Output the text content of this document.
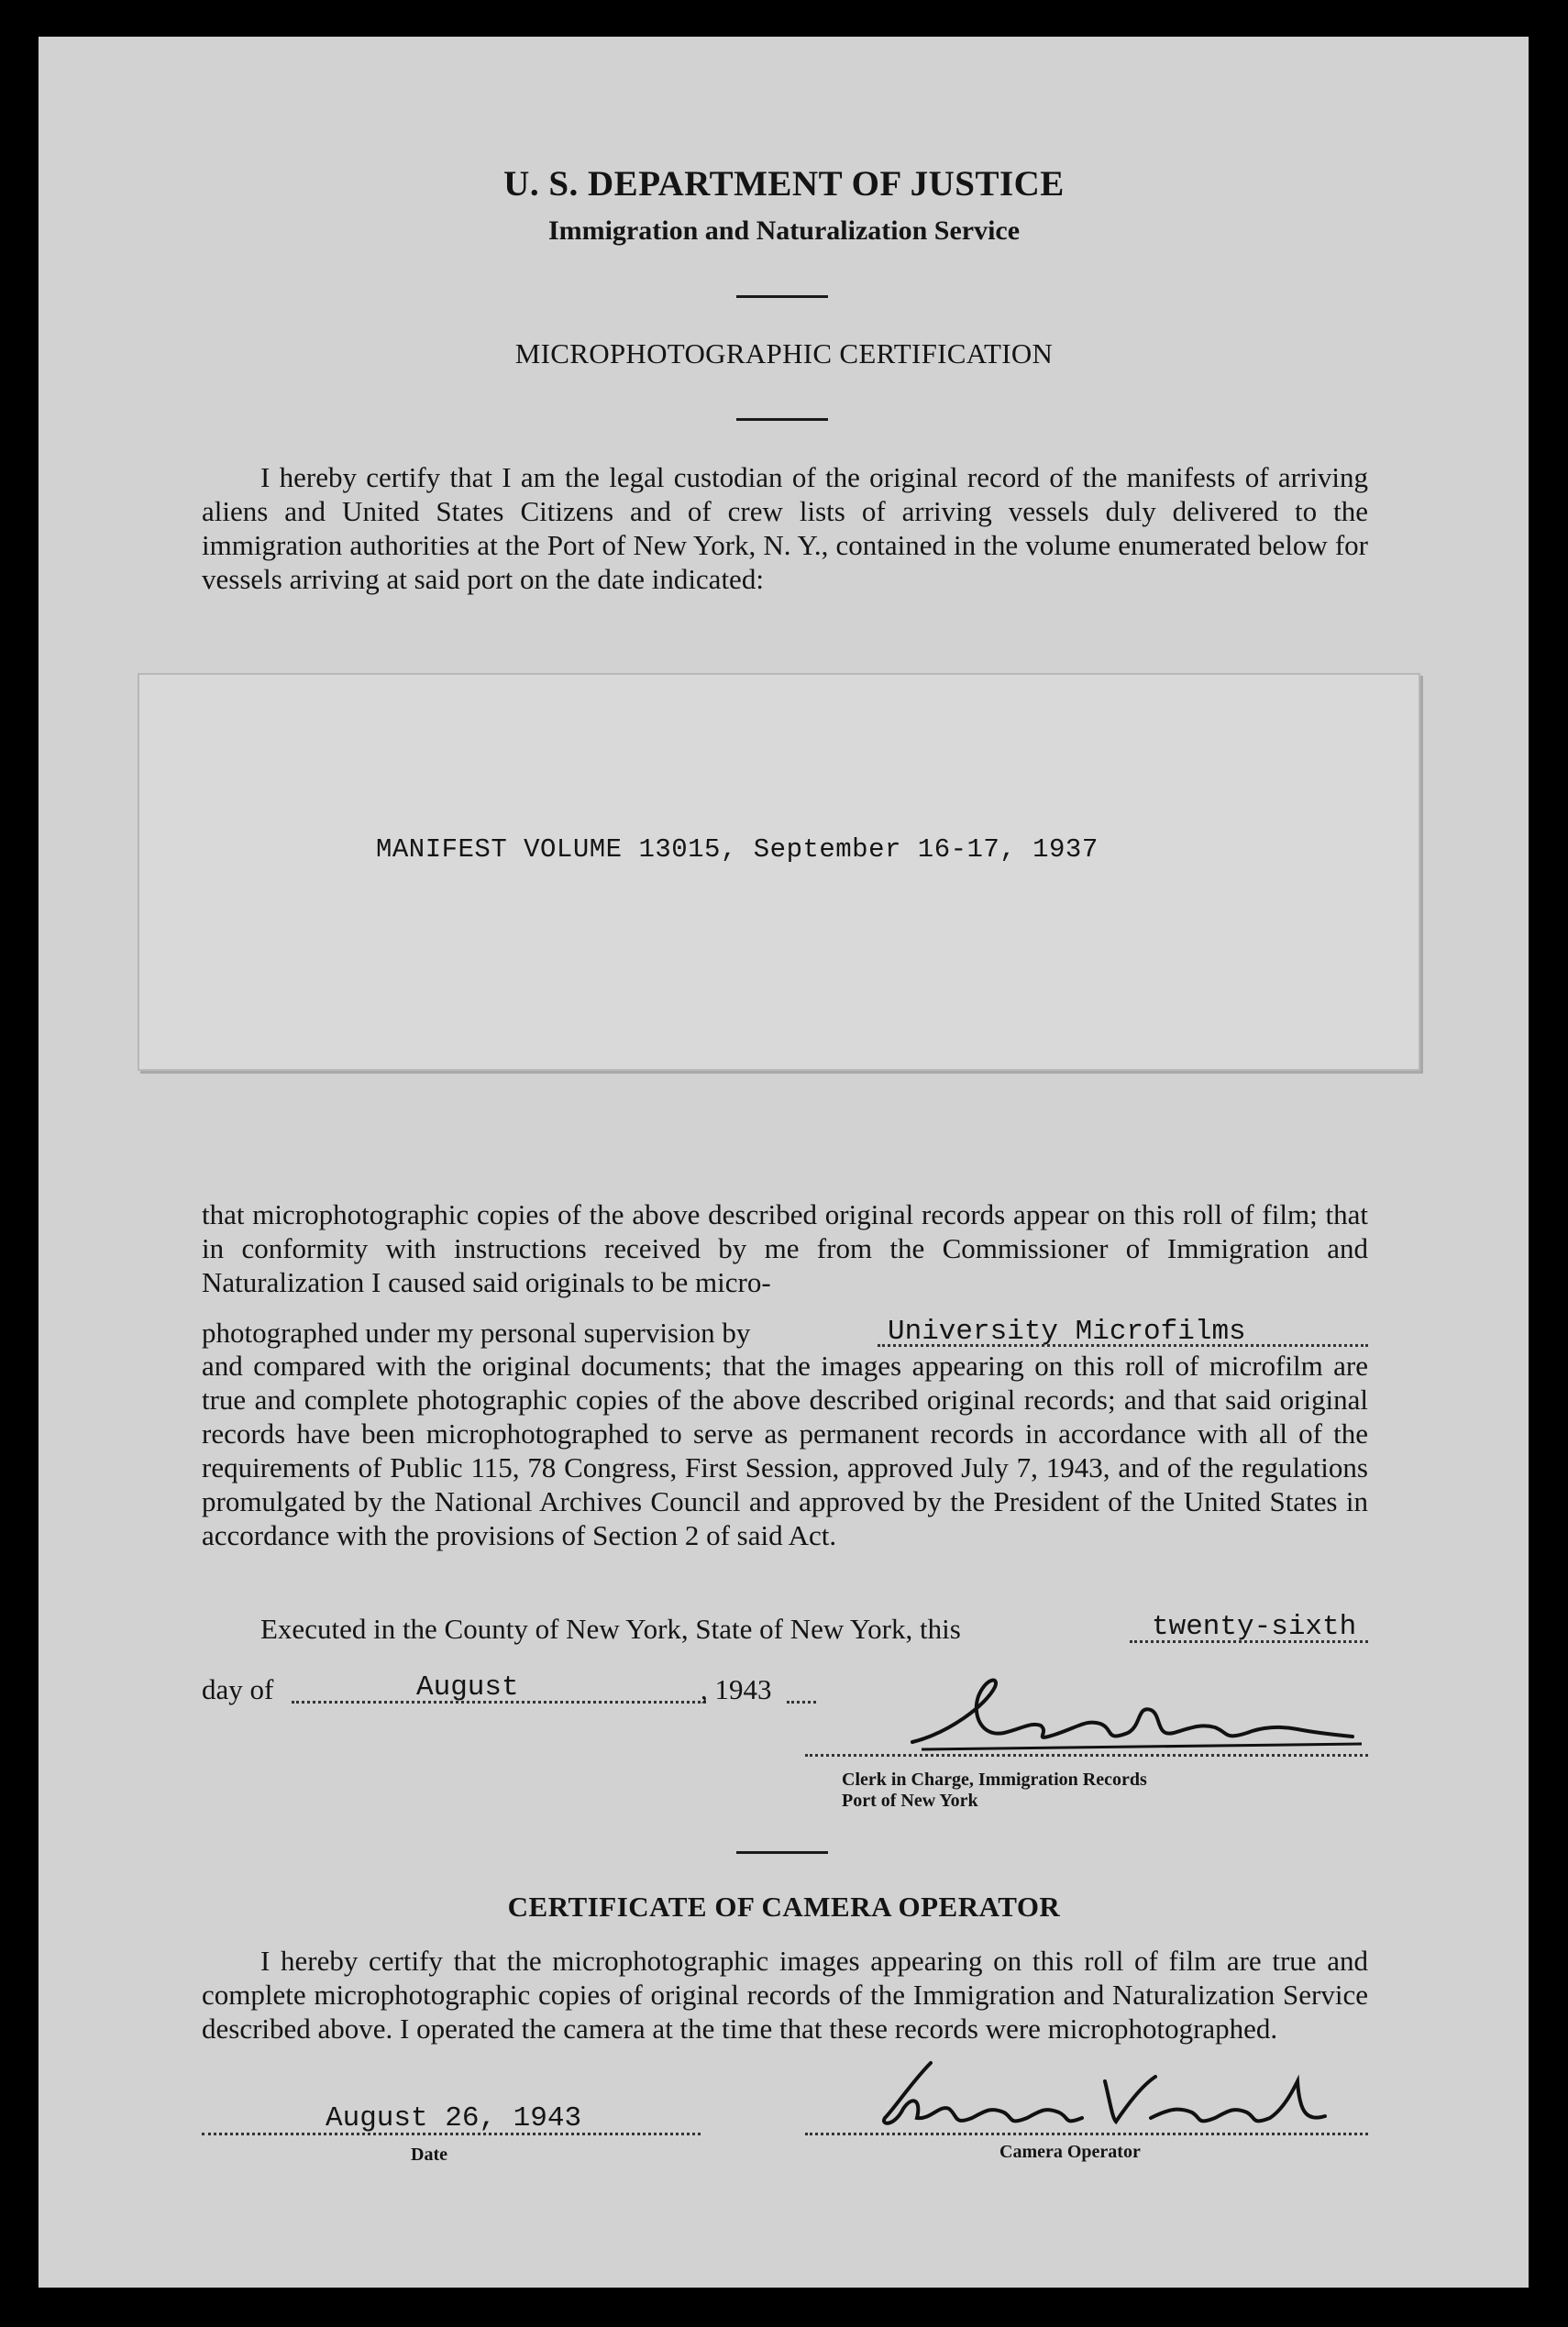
U. S. DEPARTMENT OF JUSTICE
Immigration and Naturalization Service
MICROPHOTOGRAPHIC CERTIFICATION

I hereby certify that I am the legal custodian of the original record of the manifests of arriving aliens and United States Citizens and of crew lists of arriving vessels duly delivered to the immigration authorities at the Port of New York, N. Y., contained in the volume enumerated below for vessels arriving at said port on the date indicated:

MANIFEST VOLUME 13015, September 16-17, 1937

that microphotographic copies of the above described original records appear on this roll of film; that in conformity with instructions received by me from the Commissioner of Immigration and Naturalization I caused said originals to be micro-

photographed under my personal supervision by	University Microfilms

and compared with the original documents; that the images appearing on this roll of microfilm are true and complete photographic copies of the above described original records; and that said original records have been microphotographed to serve as permanent records in accordance with all of the requirements of Public 115, 78 Congress, First Session, approved July 7, 1943, and of the regulations promulgated by the National Archives Council and approved by the President of the United States in accordance with the provisions of Section 2 of said Act.

Executed in the County of New York, State of New York, this	twenty-sixth
day of	August	, 1943
Clerk in Charge, Immigration Records
Port of New York
CERTIFICATE OF CAMERA OPERATOR

I hereby certify that the microphotographic images appearing on this roll of film are true and complete microphotographic copies of original records of the Immigration and Naturalization Service described above. I operated the camera at the time that these records were microphotographed.

August 26, 1943
Date	Camera Operator
